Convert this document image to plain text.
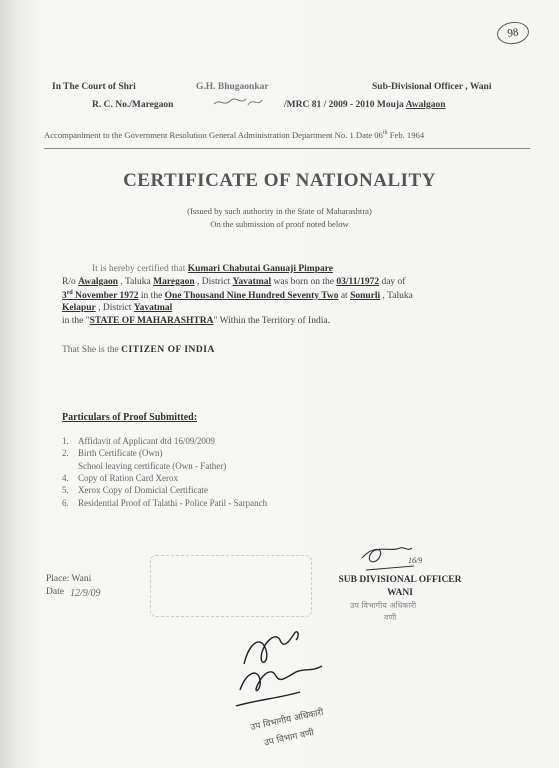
98
In The Court of Shri	G.H. Bhugaonkar	Sub-Divisional Officer , Wani
R. C. No./Maregaon	/MRC 81 / 2009 - 2010 Mouja Awalgaon
Accompaniment to the Government Resolution General Administration Department No. 1 Date 06th Feb. 1964
CERTIFICATE OF NATIONALITY
(Issued by such authority in the State of Maharashtra)
On the submission of proof noted below
It is hereby certified that Kumari Chabutai Ganuaji Pimpare
R/o Awalgaon , Taluka Maregaon , District Yavatmal was born on the 03/11/1972 day of
3rd November 1972 in the One Thousand Nine Hundred Seventy Two at Sonurli , Taluka
Kelapur , District Yavatmal
in the "STATE OF MAHARASHTRA" Within the Territory of India.
That She is the CITIZEN OF INDIA
Particulars of Proof Submitted:
1. Affidavit of Applicant dtd 16/09/2009
2. Birth Certificate (Own)
School leaving certificate (Own - Father)
4. Copy of Ration Card Xerox
5. Xerox Copy of Domicial Certificate
6. Residential Proof of Talathi - Police Patil - Sarpanch
Place: Wani
Date 12/9/09
16/9
SUB DIVISIONAL OFFICER
WANI
उप विभागीय अधिकारी
वणी
उप विभागीय अधिकारी
उप विभाग वणी
